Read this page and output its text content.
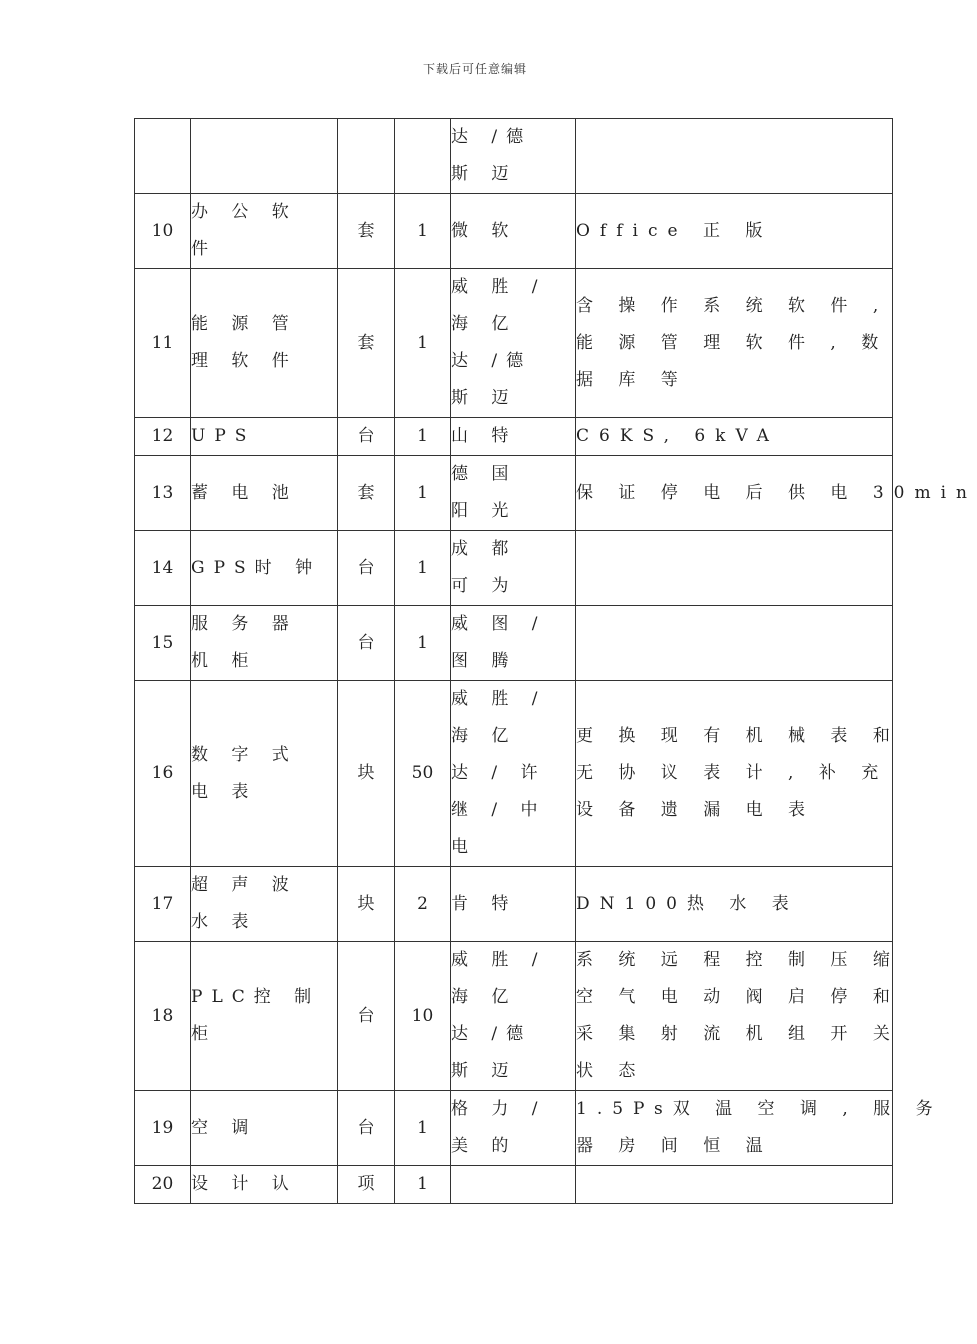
下载后可任意编辑

				达 /德
斯 迈	

10	办 公 软
件	套	1	微 软	Office 正 版

11	能 源 管
理 软 件	套	1	威 胜 /
海 亿
达 /德
斯 迈	含 操 作 系 统 软 件 ,
能 源 管 理 软 件 , 数
据 库 等

12	UPS	台	1	山 特	C6KS, 6kVA

13	蓄 电 池	套	1	德 国
阳 光	保 证 停 电 后 供 电 30min

14	GPS时 钟	台	1	成 都
可 为	

15	服 务 器
机 柜	台	1	威 图 /
图 腾	

16	数 字 式
电 表	块	50	威 胜 /
海 亿
达 / 许
继 / 中
电	更 换 现 有 机 械 表 和
无 协 议 表 计 , 补 充
设 备 遗 漏 电 表

17	超 声 波
水 表	块	2	肯 特	DN100热 水 表

18	PLC控 制
柜	台	10	威 胜 /
海 亿
达 /德
斯 迈	系 统 远 程 控 制 压 缩
空 气 电 动 阀 启 停 和
采 集 射 流 机 组 开 关
状 态

19	空 调	台	1	格 力 /
美 的	1.5Ps双 温 空 调 , 服 务
器 房 间 恒 温

20	设 计 认	项	1		
